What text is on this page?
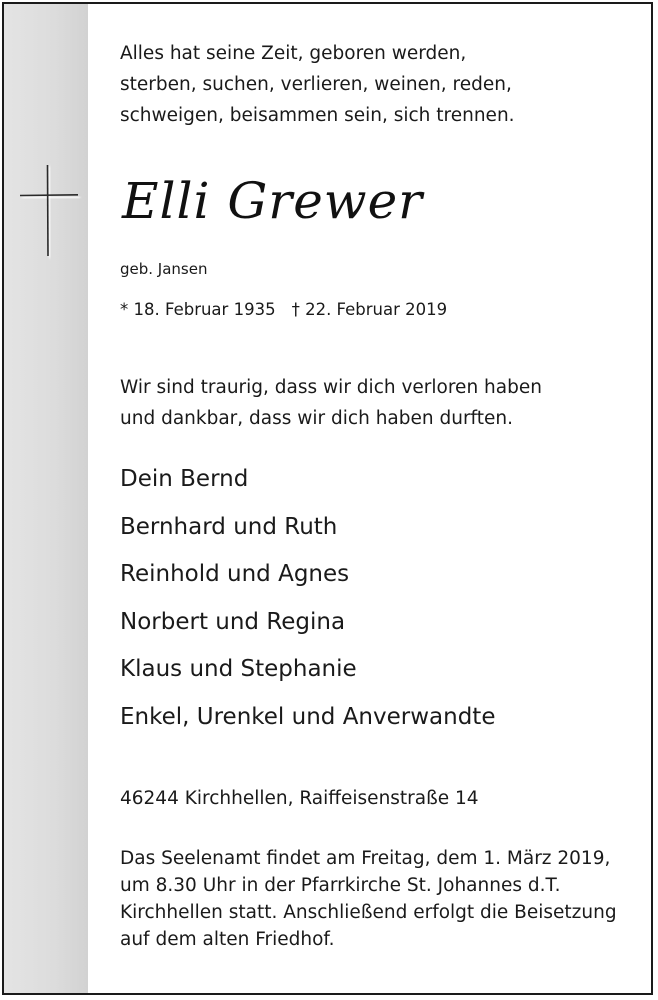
Alles hat seine Zeit, geboren werden,
sterben, suchen, verlieren, weinen, reden,
schweigen, beisammen sein, sich trennen.
Elli Grewer
geb. Jansen
* 18. Februar 1935 † 22. Februar 2019
Wir sind traurig, dass wir dich verloren haben
und dankbar, dass wir dich haben durften.
Dein Bernd
Bernhard und Ruth
Reinhold und Agnes
Norbert und Regina
Klaus und Stephanie
Enkel, Urenkel und Anverwandte
46244 Kirchhellen, Raiffeisenstraße 14
Das Seelenamt findet am Freitag, dem 1. März 2019,
um 8.30 Uhr in der Pfarrkirche St. Johannes d.T.
Kirchhellen statt. Anschließend erfolgt die Beisetzung
auf dem alten Friedhof.
